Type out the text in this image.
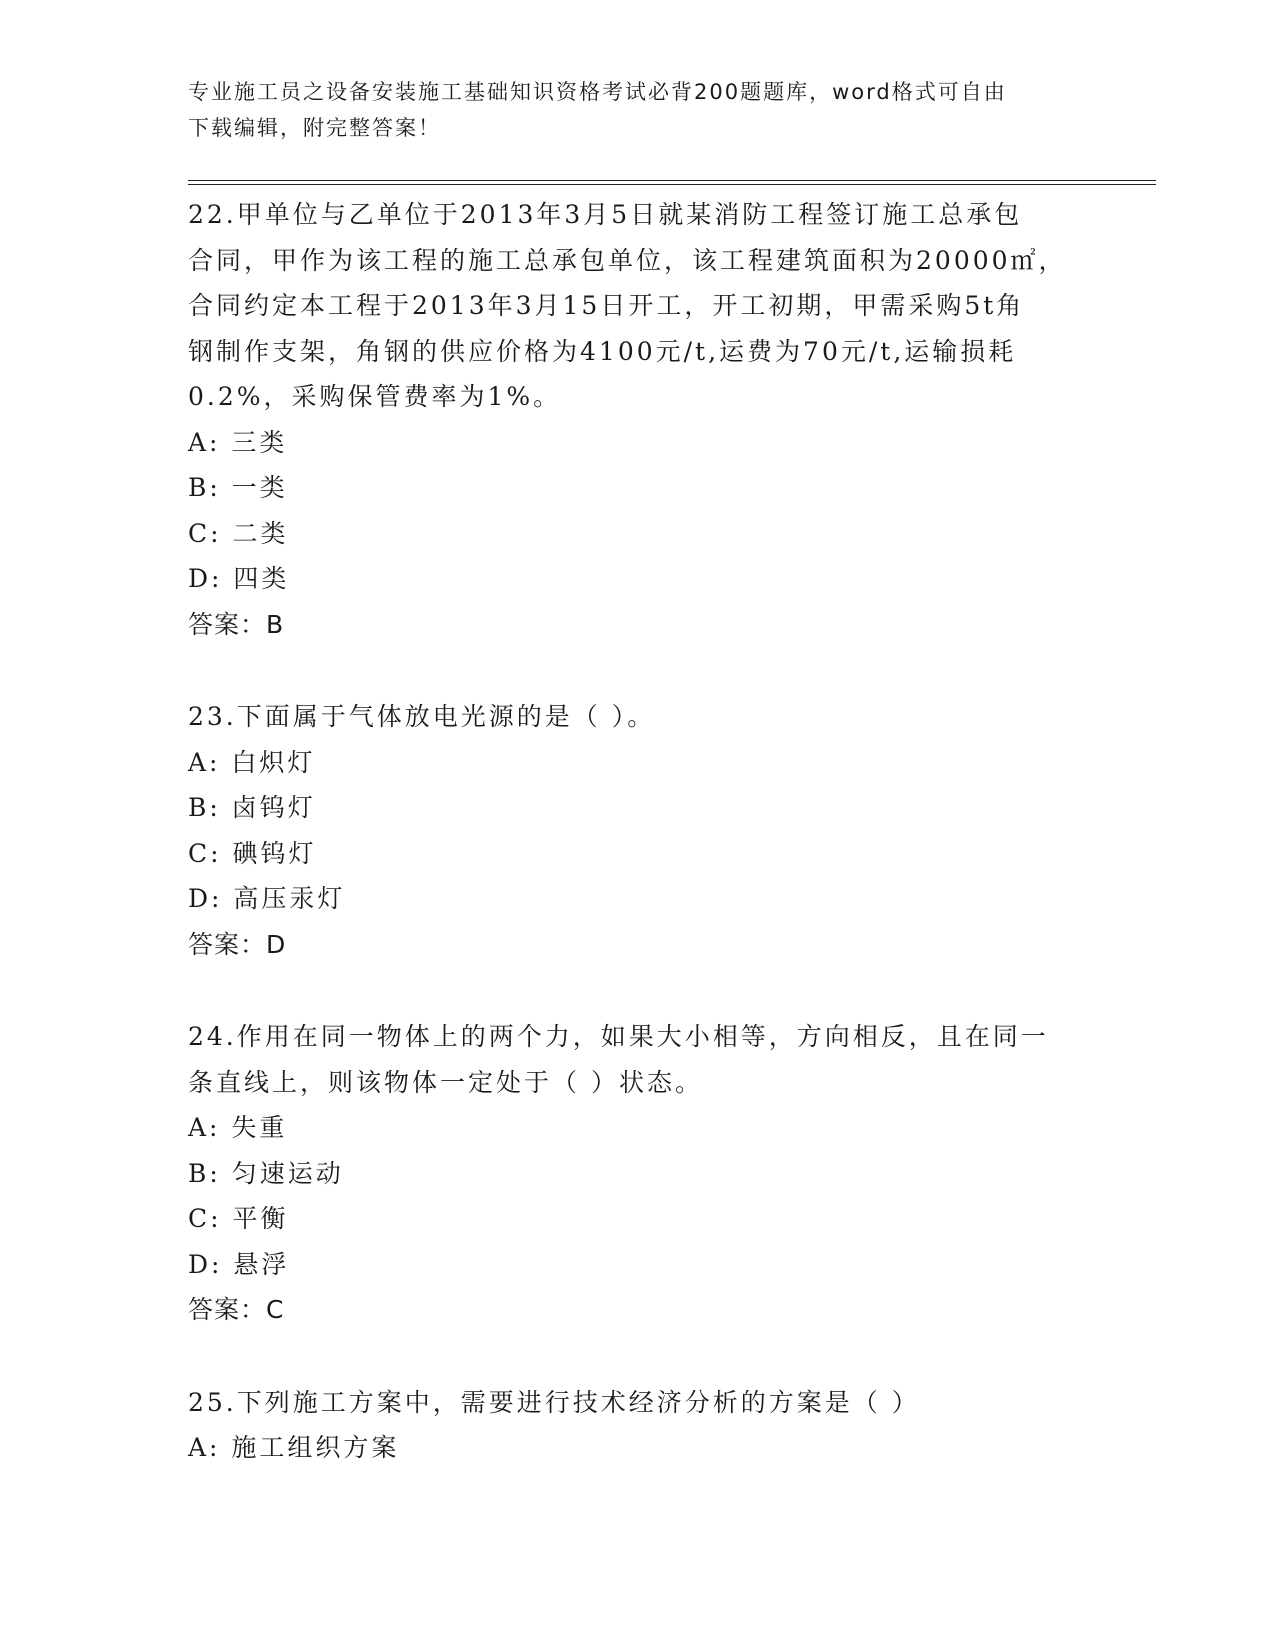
专业施工员之设备安装施工基础知识资格考试必背200题题库，word格式可自由
下载编辑，附完整答案！
22.甲单位与乙单位于2013年3月5日就某消防工程签订施工总承包
合同，甲作为该工程的施工总承包单位，该工程建筑面积为20000㎡，
合同约定本工程于2013年3月15日开工，开工初期，甲需采购5t角
钢制作支架，角钢的供应价格为4100元/t,运费为70元/t,运输损耗
0.2%，采购保管费率为1%。
A: 三类
B: 一类
C: 二类
D: 四类
答案：B
23.下面属于气体放电光源的是（ ）。
A: 白炽灯
B: 卤钨灯
C: 碘钨灯
D: 高压汞灯
答案：D
24.作用在同一物体上的两个力，如果大小相等，方向相反，且在同一
条直线上，则该物体一定处于（ ）状态。
A: 失重
B: 匀速运动
C: 平衡
D: 悬浮
答案：C
25.下列施工方案中，需要进行技术经济分析的方案是（ ）
A: 施工组织方案
